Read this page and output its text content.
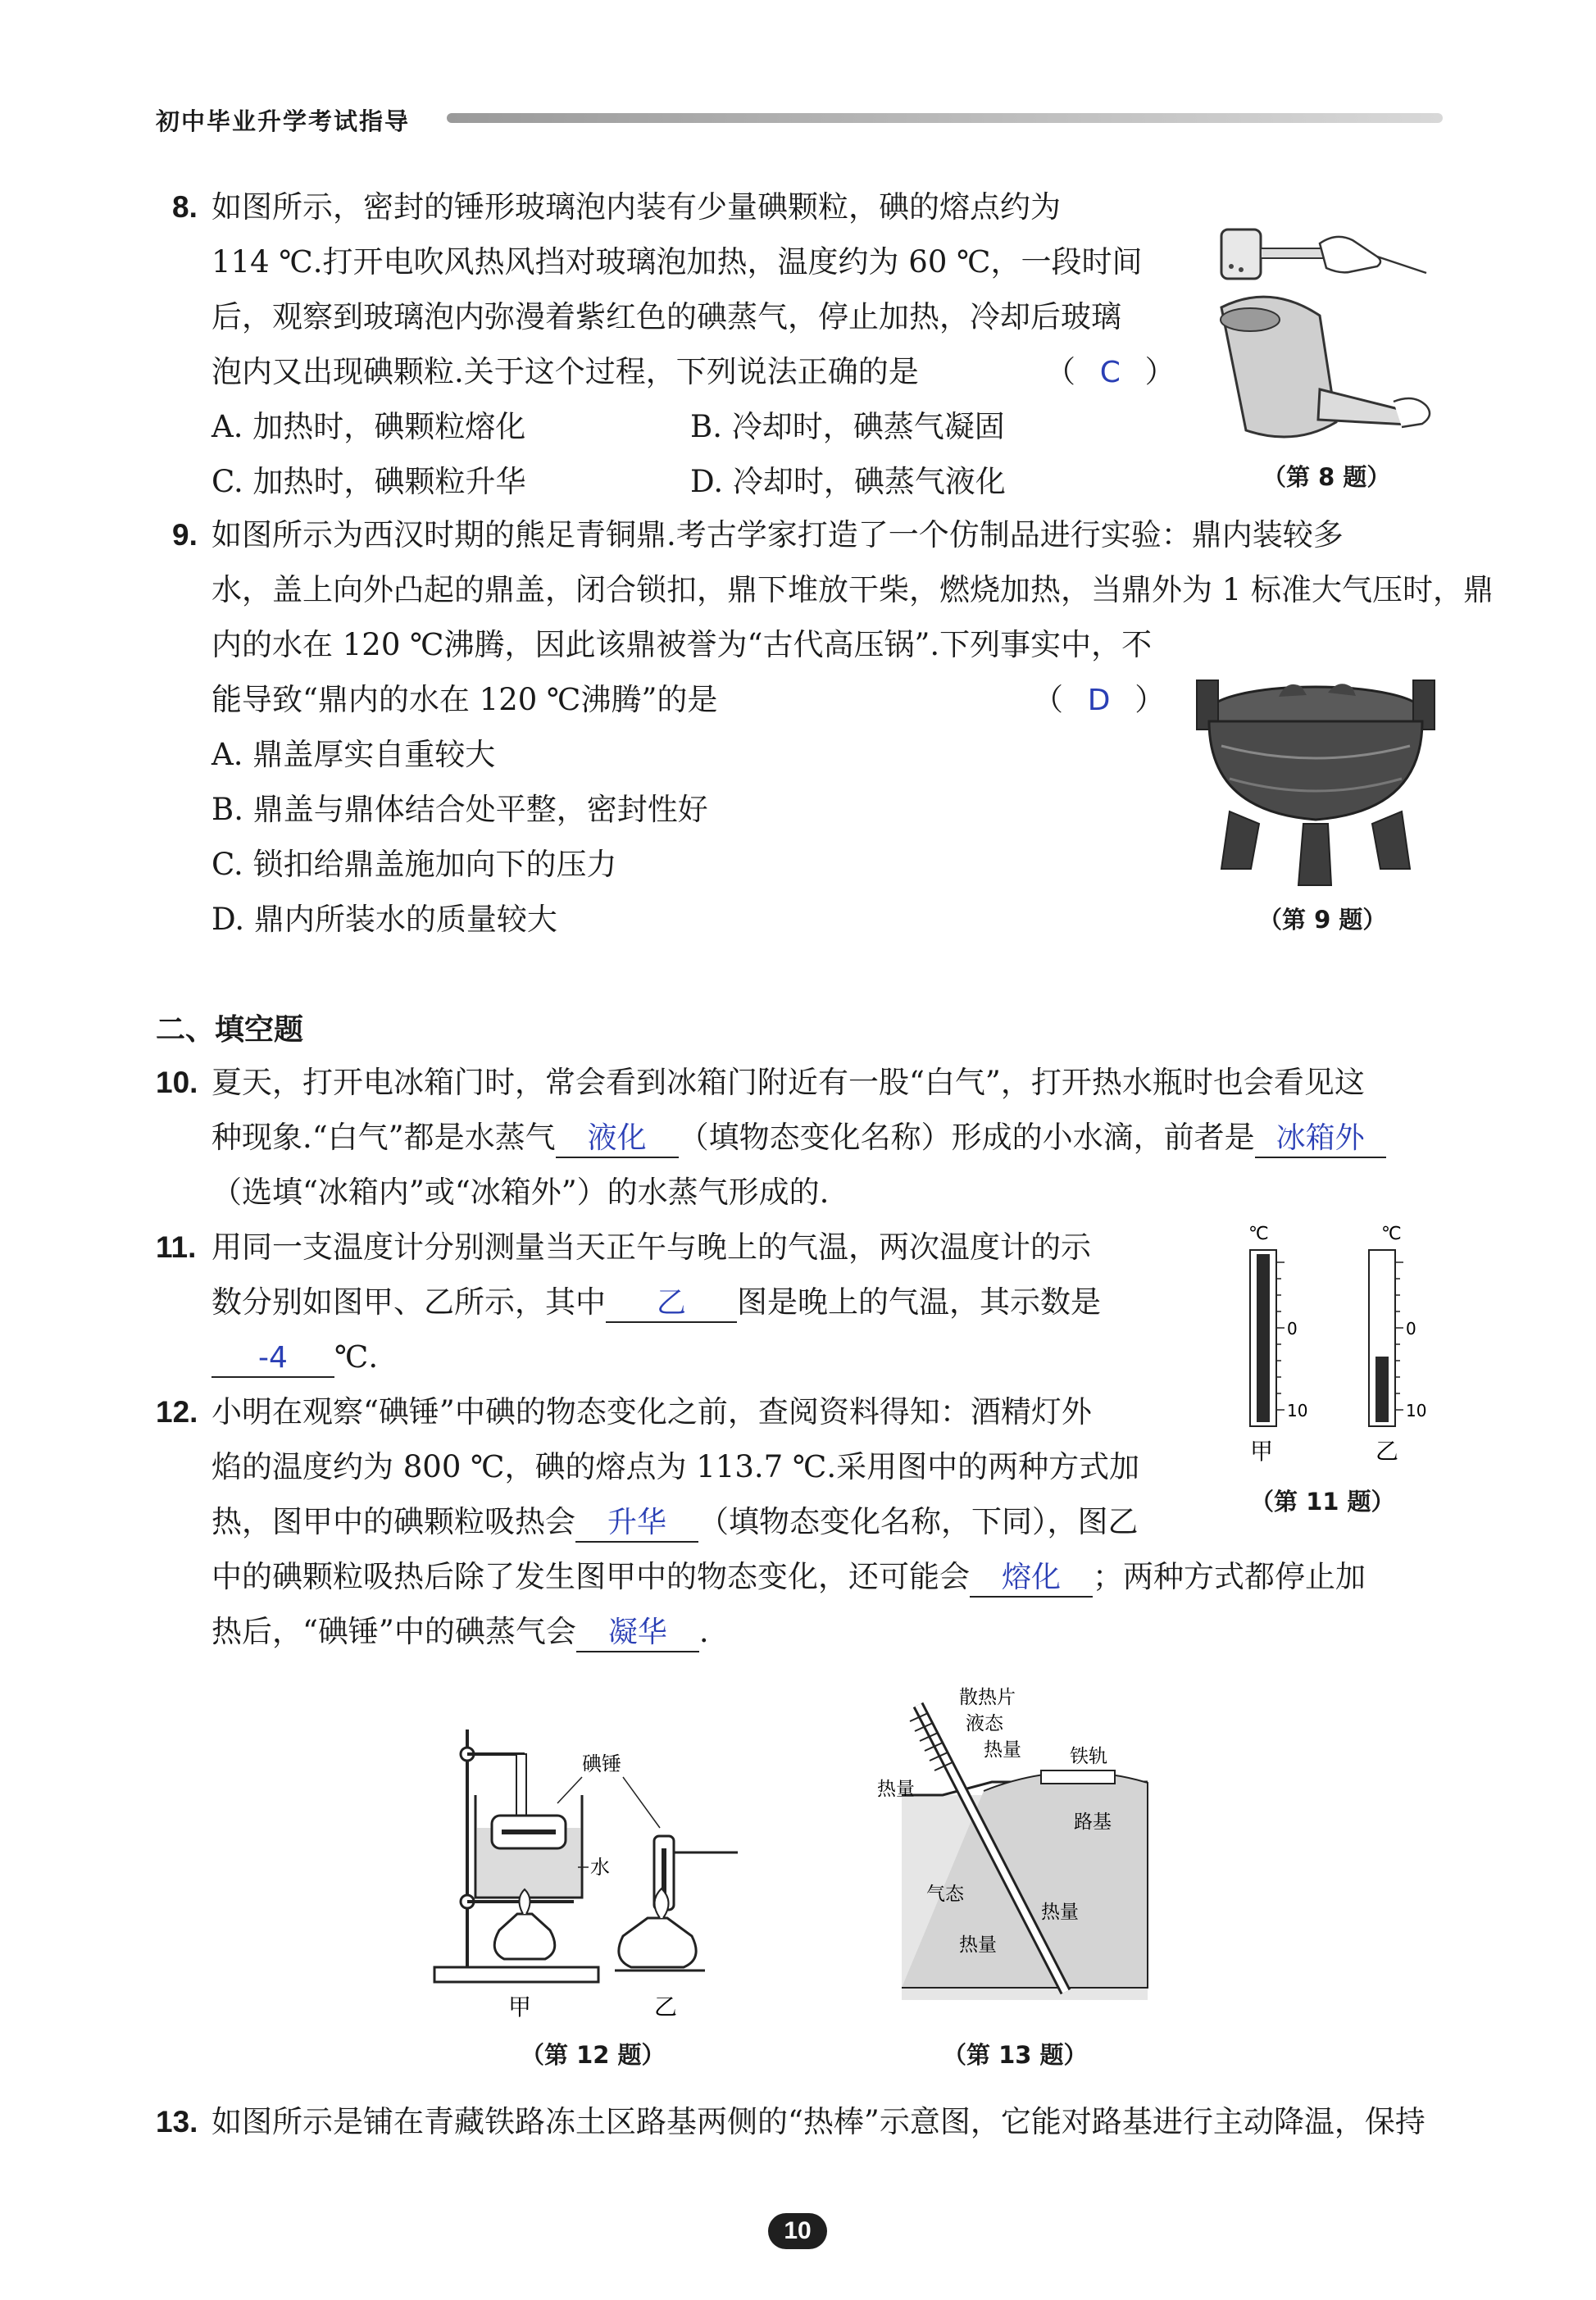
初中毕业升学考试指导
8. 如图所示，密封的锤形玻璃泡内装有少量碘颗粒，碘的熔点约为
114 ℃.打开电吹风热风挡对玻璃泡加热，温度约为 60 ℃，一段时间
后，观察到玻璃泡内弥漫着紫红色的碘蒸气，停止加热，冷却后玻璃
泡内又出现碘颗粒.关于这个过程，下列说法正确的是	（ C ）
A. 加热时，碘颗粒熔化	B. 冷却时，碘蒸气凝固
C. 加热时，碘颗粒升华	D. 冷却时，碘蒸气液化	（第 8 题）
9. 如图所示为西汉时期的熊足青铜鼎.考古学家打造了一个仿制品进行实验：鼎内装较多
水，盖上向外凸起的鼎盖，闭合锁扣，鼎下堆放干柴，燃烧加热，当鼎外为 1 标准大气压时，鼎
内的水在 120 ℃沸腾，因此该鼎被誉为“古代高压锅”.下列事实中，不
能导致“鼎内的水在 120 ℃沸腾”的是	（ D ）
A. 鼎盖厚实自重较大
B. 鼎盖与鼎体结合处平整，密封性好
C. 锁扣给鼎盖施加向下的压力
D. 鼎内所装水的质量较大	（第 9 题）
二、填空题
10. 夏天，打开电冰箱门时，常会看到冰箱门附近有一股“白气”，打开热水瓶时也会看见这
种现象.“白气”都是水蒸气 液化 （填物态变化名称）形成的小水滴，前者是 冰箱外
（选填“冰箱内”或“冰箱外”）的水蒸气形成的.
11. 用同一支温度计分别测量当天正午与晚上的气温，两次温度计的示
数分别如图甲、乙所示，其中 乙 图是晚上的气温，其示数是
-4 ℃.
℃	℃
0
10
0
10
甲	乙
（第 11 题）
12. 小明在观察“碘锤”中碘的物态变化之前，查阅资料得知：酒精灯外
焰的温度约为 800 ℃，碘的熔点为 113.7 ℃.采用图中的两种方式加
热，图甲中的碘颗粒吸热会 升华 （填物态变化名称，下同），图乙
中的碘颗粒吸热后除了发生图甲中的物态变化，还可能会 熔化 ；两种方式都停止加
热后，“碘锤”中的碘蒸气会 凝华 .
碘锤
水
甲	乙
（第 12 题）
散热片
液态
热量
热量
铁轨
路基
气态
热量
热量
（第 13 题）
13. 如图所示是铺在青藏铁路冻土区路基两侧的“热棒”示意图，它能对路基进行主动降温，保持
10
